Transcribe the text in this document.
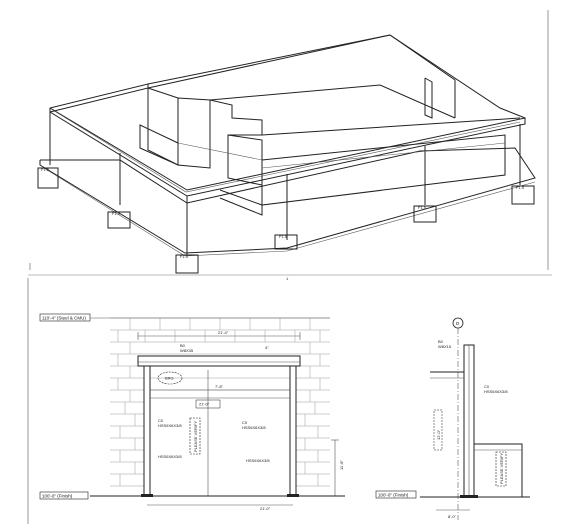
F1.5
F1.5
F1.5
F1.5
F1.5
F1.5
1
110'-4" (Steel & CMU)
21'-4"
B0
W8X35
4"
BRG
7'-8"
21'-0"
C0
HSS6X6X3/8
HSS6X6X3/8
C0
HSS6X6X3/8
HSS6X6X3/8
PLEASE VERIFY
11'-8"
100'-0" (Finish)
21'-0"
D
B0
W8X15
C0
HSS6X6X3/8
12'-0"
PLEASE VERIFY
100'-0" (Finish)
8'-0"
